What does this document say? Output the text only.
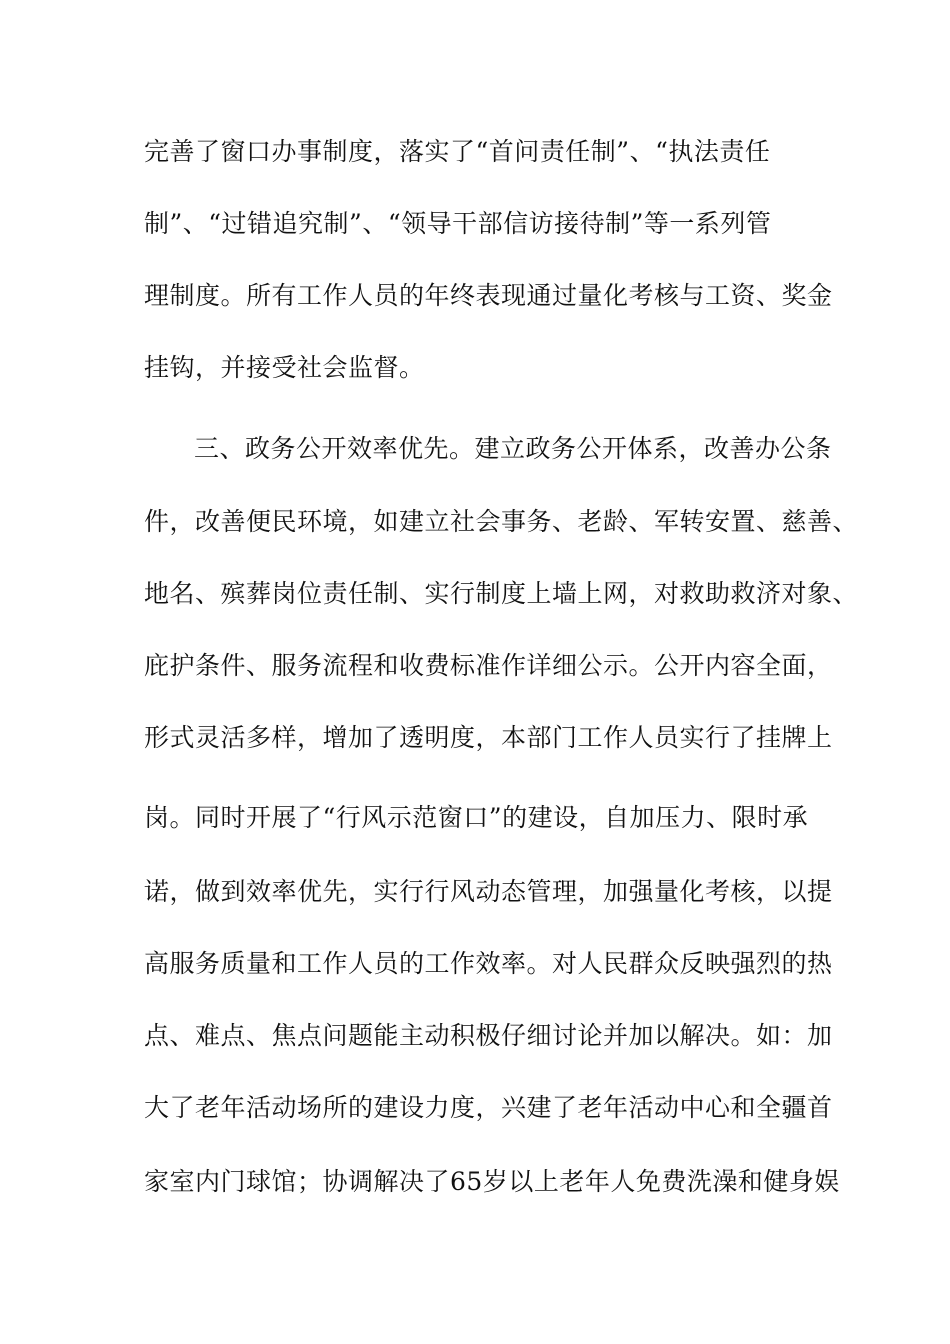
完善了窗口办事制度，落实了“首问责任制”、“执法责任
制”、“过错追究制”、“领导干部信访接待制”等一系列管
理制度。所有工作人员的年终表现通过量化考核与工资、奖金
挂钩，并接受社会监督。
三、政务公开效率优先。建立政务公开体系，改善办公条
件，改善便民环境，如建立社会事务、老龄、军转安置、慈善、
地名、殡葬岗位责任制、实行制度上墙上网，对救助救济对象、
庇护条件、服务流程和收费标准作详细公示。公开内容全面，
形式灵活多样，增加了透明度，本部门工作人员实行了挂牌上
岗。同时开展了“行风示范窗口”的建设，自加压力、限时承
诺，做到效率优先，实行行风动态管理，加强量化考核，以提
高服务质量和工作人员的工作效率。对人民群众反映强烈的热
点、难点、焦点问题能主动积极仔细讨论并加以解决。如：加
大了老年活动场所的建设力度，兴建了老年活动中心和全疆首
家室内门球馆；协调解决了65岁以上老年人免费洗澡和健身娱
